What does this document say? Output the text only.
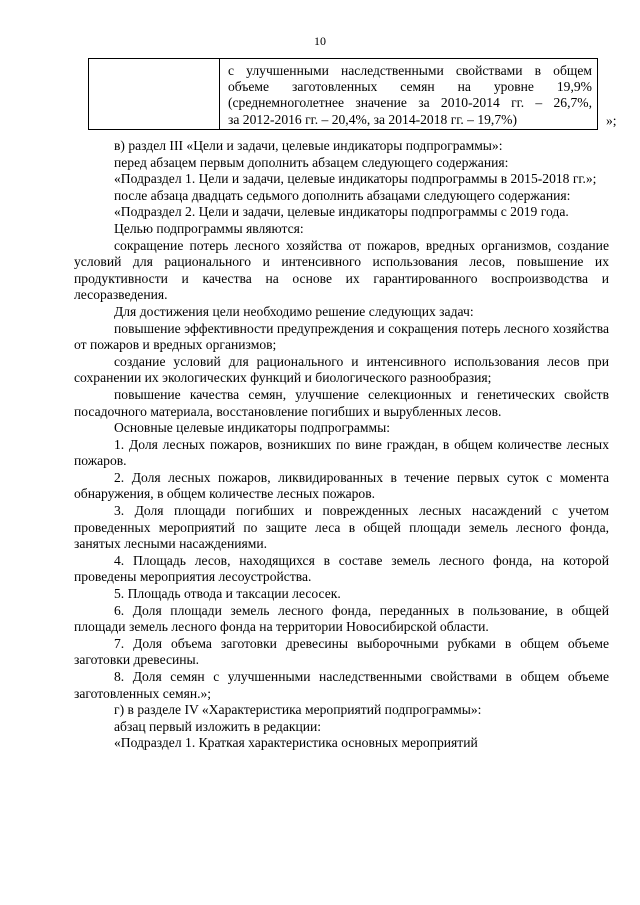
10
с улучшенными наследственными свойствами в общем
объеме заготовленных семян на уровне 19,9%
(среднемноголетнее значение за 2010-2014 гг. – 26,7%,
за 2012-2016 гг. – 20,4%, за 2014-2018 гг. – 19,7%)	»;

в) раздел III «Цели и задачи, целевые индикаторы подпрограммы»:

перед абзацем первым дополнить абзацем следующего содержания:

«Подраздел 1. Цели и задачи, целевые индикаторы подпрограммы в 2015-2018 гг.»;

после абзаца двадцать седьмого дополнить абзацами следующего содержания:

«Подраздел 2. Цели и задачи, целевые индикаторы подпрограммы с 2019 года.

Целью подпрограммы являются:

сокращение потерь лесного хозяйства от пожаров, вредных организмов, создание условий для рационального и интенсивного использования лесов, повышение их продуктивности и качества на основе их гарантированного воспроизводства и лесоразведения.

Для достижения цели необходимо решение следующих задач:

повышение эффективности предупреждения и сокращения потерь лесного хозяйства от пожаров и вредных организмов;

создание условий для рационального и интенсивного использования лесов при сохранении их экологических функций и биологического разнообразия;

повышение качества семян, улучшение селекционных и генетических свойств посадочного материала, восстановление погибших и вырубленных лесов.

Основные целевые индикаторы подпрограммы:

1. Доля лесных пожаров, возникших по вине граждан, в общем количестве лесных пожаров.

2. Доля лесных пожаров, ликвидированных в течение первых суток с момента обнаружения, в общем количестве лесных пожаров.

3. Доля площади погибших и поврежденных лесных насаждений с учетом проведенных мероприятий по защите леса в общей площади земель лесного фонда, занятых лесными насаждениями.

4. Площадь лесов, находящихся в составе земель лесного фонда, на которой проведены мероприятия лесоустройства.

5. Площадь отвода и таксации лесосек.

6. Доля площади земель лесного фонда, переданных в пользование, в общей площади земель лесного фонда на территории Новосибирской области.

7. Доля объема заготовки древесины выборочными рубками в общем объеме заготовки древесины.

8. Доля семян с улучшенными наследственными свойствами в общем объеме заготовленных семян.»;

г) в разделе IV «Характеристика мероприятий подпрограммы»:

абзац первый изложить в редакции:

«Подраздел 1. Краткая характеристика основных мероприятий
